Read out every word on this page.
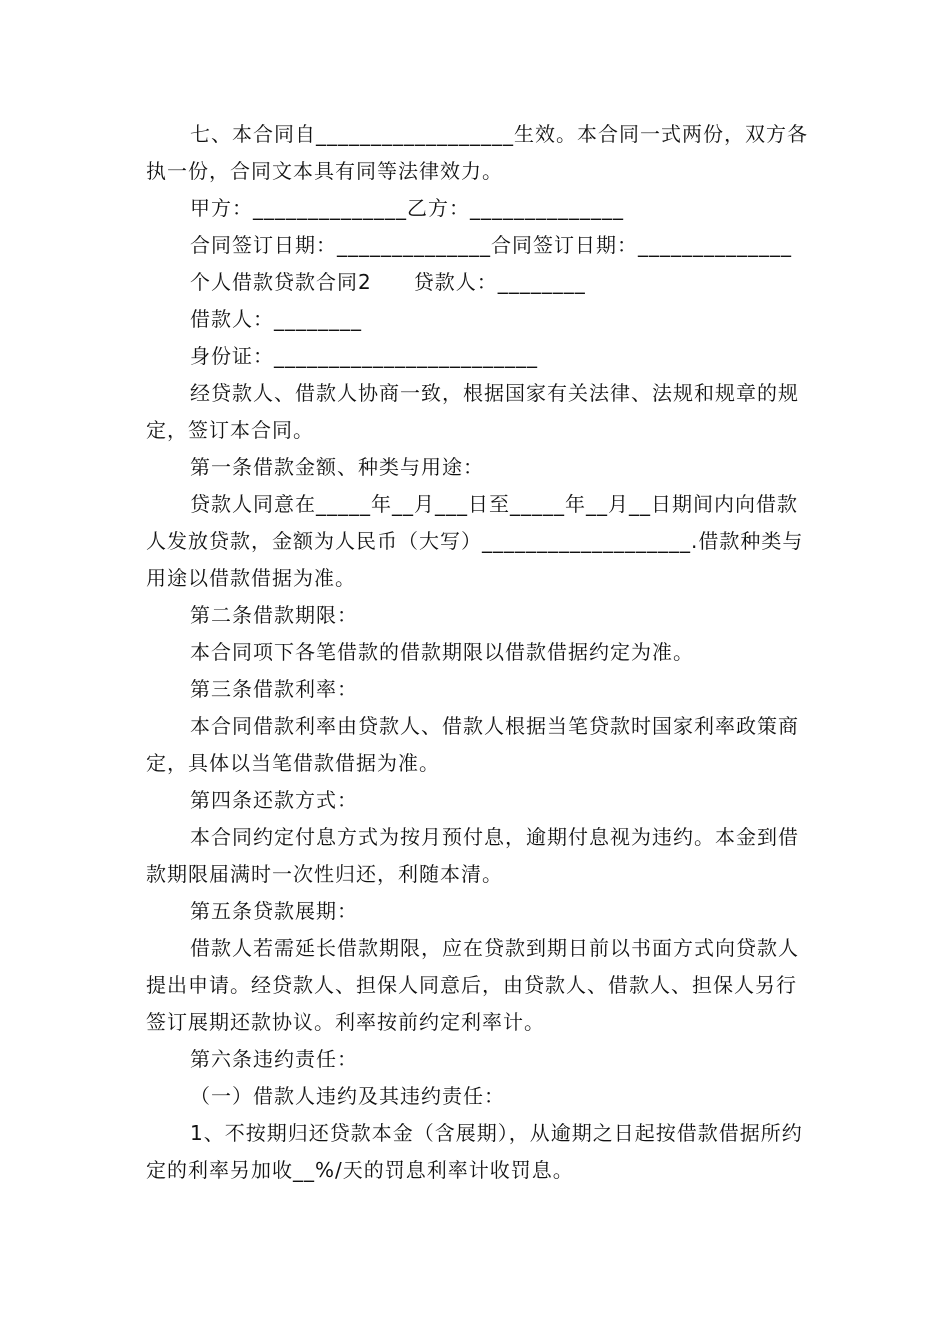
七、本合同自__________________生效。本合同一式两份，双方各执一份，合同文本具有同等法律效力。

甲方：______________乙方：______________

合同签订日期：______________合同签订日期：______________

个人借款贷款合同2　　贷款人：________

借款人：________

身份证：________________________

经贷款人、借款人协商一致，根据国家有关法律、法规和规章的规定，签订本合同。

第一条借款金额、种类与用途：

贷款人同意在_____年__月___日至_____年__月__日期间内向借款人发放贷款，金额为人民币（大写）___________________.借款种类与用途以借款借据为准。

第二条借款期限：

本合同项下各笔借款的借款期限以借款借据约定为准。

第三条借款利率：

本合同借款利率由贷款人、借款人根据当笔贷款时国家利率政策商定，具体以当笔借款借据为准。

第四条还款方式：

本合同约定付息方式为按月预付息，逾期付息视为违约。本金到借款期限届满时一次性归还，利随本清。

第五条贷款展期：

借款人若需延长借款期限，应在贷款到期日前以书面方式向贷款人提出申请。经贷款人、担保人同意后，由贷款人、借款人、担保人另行签订展期还款协议。利率按前约定利率计。

第六条违约责任：

（一）借款人违约及其违约责任：

1、不按期归还贷款本金（含展期），从逾期之日起按借款借据所约定的利率另加收__%/天的罚息利率计收罚息。
